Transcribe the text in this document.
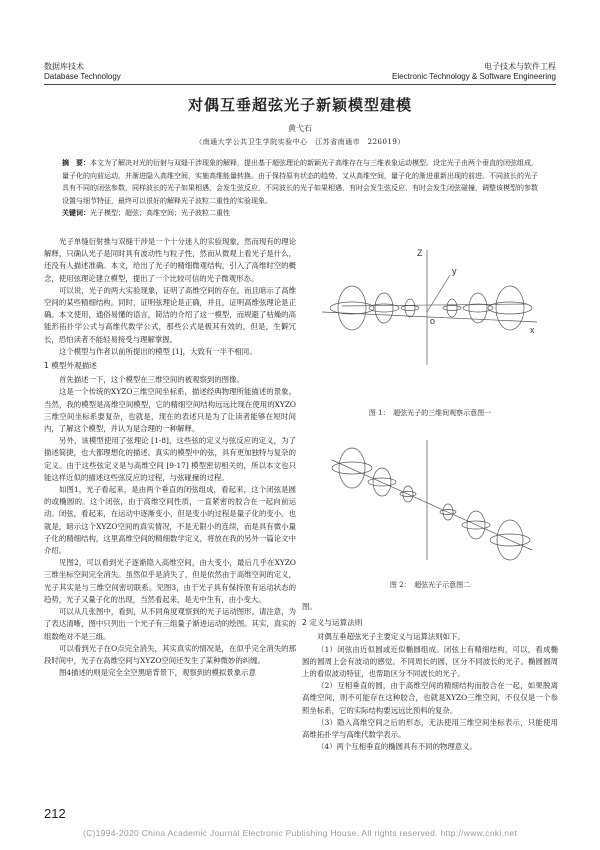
数据库技术
Database Technology
电子技术与软件工程
Electronic Technology & Software Engineering
对偶互垂超弦光子新颖模型建模
黄弋石
（南通大学公共卫生学院实验中心　江苏省南通市　226019）
摘　要：本文为了解决对光的衍射与双缝干涉现象的解释，提出基于超弦理论的新颖光子高维存在与三维表象运动模型。设定光子由两个垂直的闭弦组成，量子化的向前运动，并渐进隐入高维空间，实施高维能量转换。由于保持原有状态的趋势，又从高维空间，量子化的渐进重新出现的前进。不同波长的光子具有不同的闭弦参数，同样波长的光子如果相遇，会发生弦反应，不同波长的光子如果相遇，有时会发生弦反应、有时会发生闭弦碰撞，调整该模型的参数设置与细节特征，最终可以很好的解释光子波粒二重性的实验现象。
关键词：光子模型；超弦；高维空间；光子波粒二重性

光子单缝衍射推与双缝干涉是一个十分迷人的实验现象，然而现有的理论解释，只确认光子是同时具有波动性与粒子性，然而从微观上看光子是什么，还没有人描述准确。本文，给出了光子的精细微观结构，引入了高维时空的概念，使用弦理论建立模型，提出了一个比较可信的光子微观形态。

可以说，光子的两大实验现象，证明了高维空间的存在，而且暗示了高维空间的某些精细结构。同时，证明弦理论是正确，并且，证明高维弦理论是正确。本文使用，通俗易懂的语言，简洁的介绍了这一模型，而规避了枯燥的高能形拓扑学公式与高维代数学公式，那些公式是极其有效的，但是，生僻冗长，恐怕读者不能轻易接受与理解掌握。

这个模型与作者以前所提出的模型 [1]，大致有一半不相同。

1 模型外观描述

首先描述一下，这个模型在三维空间的被观察到的图像。

这是一个传统的XYZO三维空间坐标系，描述经典物理所能描述的景象。当然，我的模型是高维空间模型，它的精细空间结构远远比现在使用的XYZO三维空间坐标系要复杂，也就是，现在的表述只是为了让读者能够在短时间内，了解这个模型，并认为是合理的一种解释。

另外，该模型使用了弦理论 [1-8]，这些弦的定义与弦反应的定义，为了描述简捷，也大都理想化的描述。真实的模型中的弦，具有更加独特与复杂的定义。由于这些弦定义是与高维空间 [9-17] 模型密切相关的，所以本文也只能这样近似的描述这些弦反应的过程，与弦碰撞的过程。

如图1，光子看起来，是由两个垂直的闭弦组成，看起来，这个闭弦是圆的或椭圆的。这个闭弦，由于高维空间性质，一直紧密的胶合在一起向前运动。闭弦，看起来，在运动中逐渐变小，但是变小的过程是量子化的变小。也就是，暗示这个XYZO空间的真实情况，不是无限小的连续，而是具有微小量子化的精细结构，这里高维空间的精细数学定义，将放在我的另外一篇论文中介绍。

见图2，可以看到光子逐渐隐入高维空间，由大变小，最后几乎在XYZO三维坐标空间完全消失。虽然似乎是消失了，但是依然由于高维空间的定义，光子其实是与三维空间密切联系。见图3，由于光子具有保持原有运动状态的趋势，光子又量子化的出现，当然看起来，是无中生有，由小变大。

可以从几张图中，看到，从不同角度观察到的光子运动图形。请注意，为了表达清晰，图中只列出一个光子有三组量子渐进运动的绘图。其实，真实的组数绝对不是三组。

可以看到光子在O点完全消失，其实真实的情况是，在似乎完全消失的那段时间中，光子在高维空间与XYZO空间还发生了某种微妙的纠缠。

图4描述的则是完全全空黑暗背景下，观察到的模拟景象示意

Z
y
o
x
图 1：　超弦光子的三维间观察示意图一
图 2：　超弦光子示意图二

图。

2 定义与运算法则

对偶互垂超弦光子主要定义与运算法则如下。

（1）闭弦由近似圆或近似椭圆组成。闭弦上有精细结构，可以，看成椭圆的圆周上会有波动的感觉。不同周长的圆，区分不同波长的光子。椭圆圆周上的看似波动特征，也帮助区分不同波长的光子。

（2）互相垂直的圆，由于高维空间的精细结构而胶合在一起，如果脱离高维空间，则不可能存在这种胶合，也就是XYZO三维空间，不仅仅是一个参照坐标系，它的实际结构要远远比预料的复杂。

（3）隐入高维空间之后的形态，无法使用三维空间坐标表示，只能使用高维拓扑学与高维代数学表示。

（4）两个互相垂直的椭圆具有不同的物理意义。

212
(C)1994-2020 China Academic Journal Electronic Publishing House. All rights reserved. http://www.cnki.net
